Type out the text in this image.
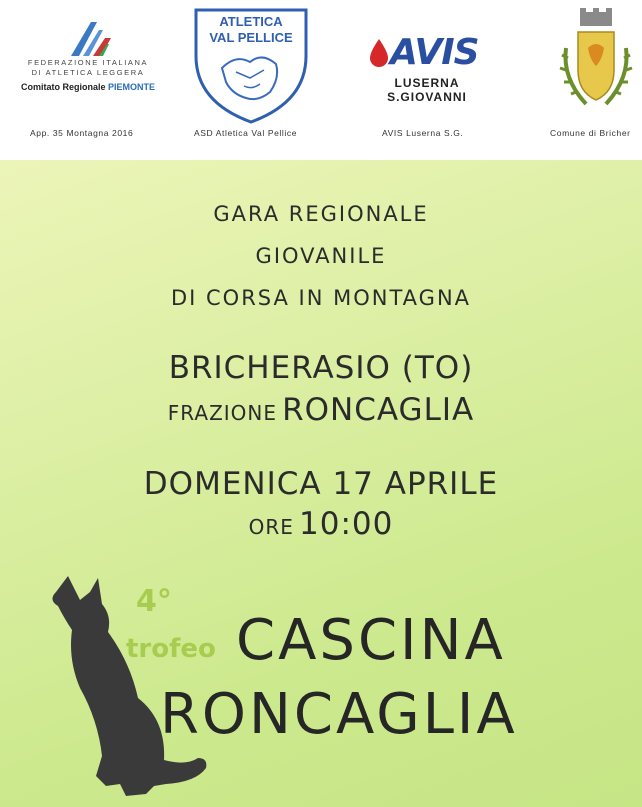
FEDERAZIONE ITALIANA
DI ATLETICA LEGGERA
Comitato Regionale PIEMONTE
App. 35 Montagna 2016
ATLETICA
VAL PELLICE
ASD Atletica Val Pellice
AVIS
LUSERNA
S.GIOVANNI
AVIS Luserna S.G.	Comune di Bricher
GARA REGIONALE
GIOVANILE
DI CORSA IN MONTAGNA
BRICHERASIO (TO)
FRAZIONE RONCAGLIA
DOMENICA 17 APRILE
ORE 10:00
4°
trofeo CASCINA
RONCAGLIA
